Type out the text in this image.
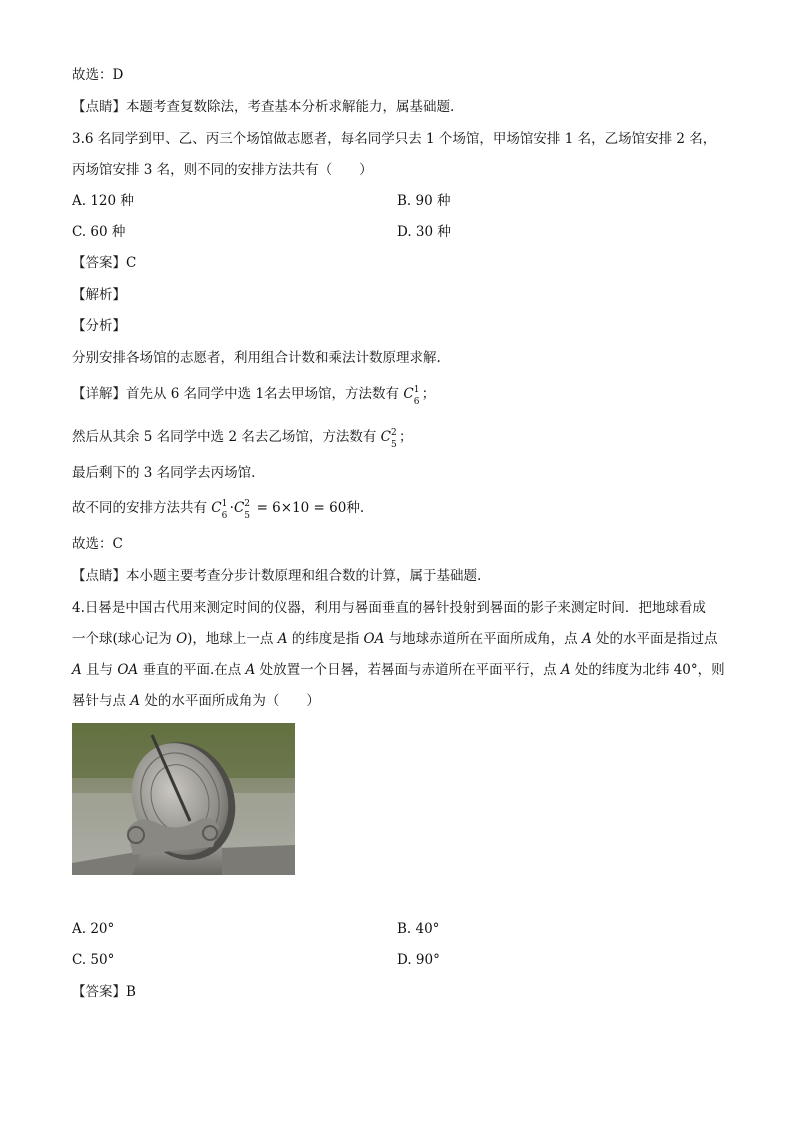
故选：D
【点睛】本题考查复数除法，考查基本分析求解能力，属基础题.
3.6 名同学到甲、乙、丙三个场馆做志愿者，每名同学只去 1 个场馆，甲场馆安排 1 名，乙场馆安排 2 名，
丙场馆安排 3 名，则不同的安排方法共有（　　）
A. 120 种	B. 90 种
C. 60 种	D. 30 种
【答案】C
【解析】
【分析】
分别安排各场馆的志愿者，利用组合计数和乘法计数原理求解.
【详解】首先从 6 名同学中选 1名去甲场馆，方法数有 C 1
6 ；
然后从其余 5 名同学中选 2 名去乙场馆，方法数有 C 2
5 ；
最后剩下的 3 名同学去丙场馆.
故不同的安排方法共有 C 1
6 ·C 2
5 = 6×10 = 60种.
故选：C
【点睛】本小题主要考查分步计数原理和组合数的计算，属于基础题.
4.日晷是中国古代用来测定时间的仪器，利用与晷面垂直的晷针投射到晷面的影子来测定时间．把地球看成
一个球(球心记为 O)，地球上一点 A 的纬度是指 OA 与地球赤道所在平面所成角，点 A 处的水平面是指过点
A 且与 OA 垂直的平面.在点 A 处放置一个日晷，若晷面与赤道所在平面平行，点 A 处的纬度为北纬 40°，则
晷针与点 A 处的水平面所成角为（　　）
A. 20°	B. 40°
C. 50°	D. 90°
【答案】B
